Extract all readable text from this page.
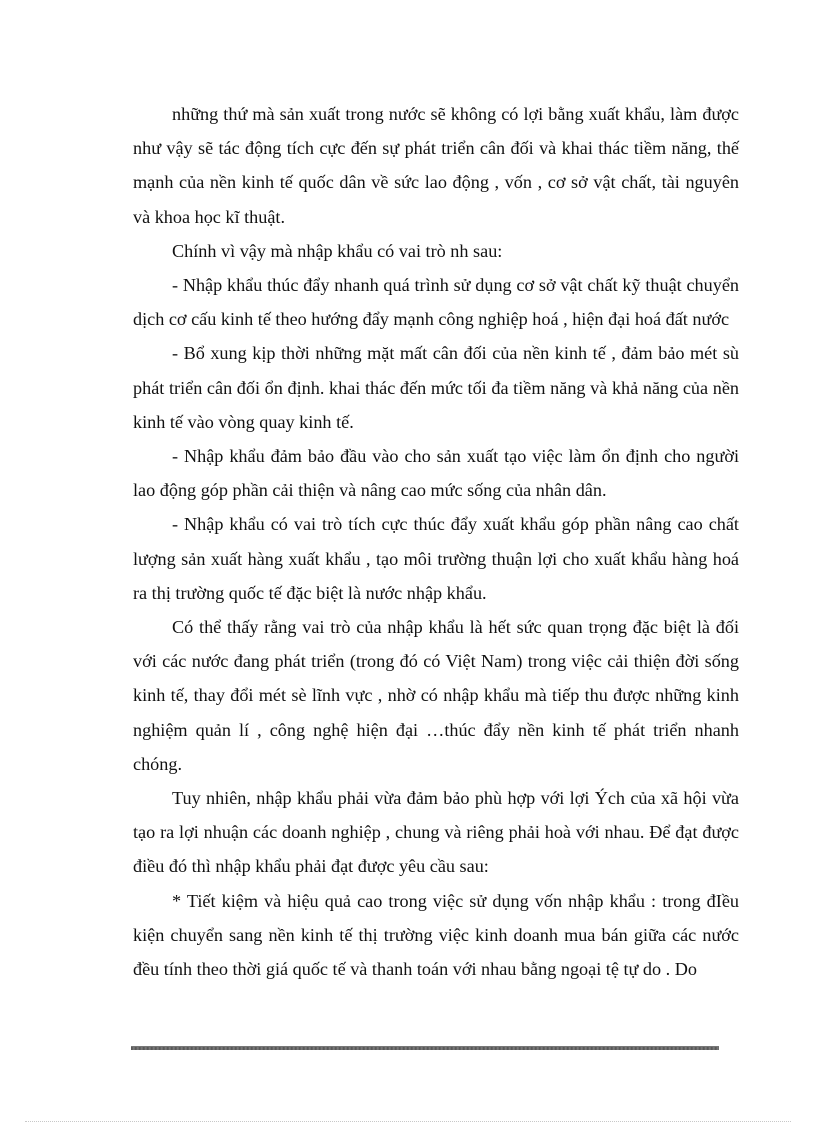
những thứ mà sản xuất trong nước sẽ không có lợi bằng xuất khẩu, làm được như vậy sẽ tác động tích cực đến sự phát triển cân đối và khai thác tiềm năng, thế mạnh của nền kinh tế quốc dân về sức lao động , vốn , cơ sở vật chất, tài nguyên và khoa học kĩ thuật.

Chính vì vậy mà nhập khẩu có vai trò nh sau:

- Nhập khẩu thúc đẩy nhanh quá trình sử dụng cơ sở vật chất kỹ thuật chuyển dịch cơ cấu kinh tế theo hướng đẩy mạnh công nghiệp hoá , hiện đại hoá đất nước

- Bổ xung kịp thời những mặt mất cân đối của nền kinh tế , đảm bảo mét sù phát triển cân đối ổn định. khai thác đến mức tối đa tiềm năng và khả năng của nền kinh tế vào vòng quay kinh tế.

- Nhập khẩu đảm bảo đầu vào cho sản xuất tạo việc làm ổn định cho người lao động góp phần cải thiện và nâng cao mức sống của nhân dân.

- Nhập khẩu có vai trò tích cực thúc đẩy xuất khẩu góp phần nâng cao chất lượng sản xuất hàng xuất khẩu , tạo môi trường thuận lợi cho xuất khẩu hàng hoá ra thị trường quốc tế đặc biệt là nước nhập khẩu.

Có thể thấy rằng vai trò của nhập khẩu là hết sức quan trọng đặc biệt là đối với các nước đang phát triển (trong đó có Việt Nam) trong việc cải thiện đời sống kinh tế, thay đổi mét sè lĩnh vực , nhờ có nhập khẩu mà tiếp thu được những kinh nghiệm quản lí , công nghệ hiện đại …thúc đẩy nền kinh tế phát triển nhanh chóng.

Tuy nhiên, nhập khẩu phải vừa đảm bảo phù hợp với lợi Ých của xã hội vừa tạo ra lợi nhuận các doanh nghiệp , chung và riêng phải hoà với nhau. Để đạt được điều đó thì nhập khẩu phải đạt được yêu cầu sau:

* Tiết kiệm và hiệu quả cao trong việc sử dụng vốn nhập khẩu : trong đIều kiện chuyển sang nền kinh tế thị trường việc kinh doanh mua bán giữa các nước đều tính theo thời giá quốc tế và thanh toán với nhau bằng ngoại tệ tự do . Do
